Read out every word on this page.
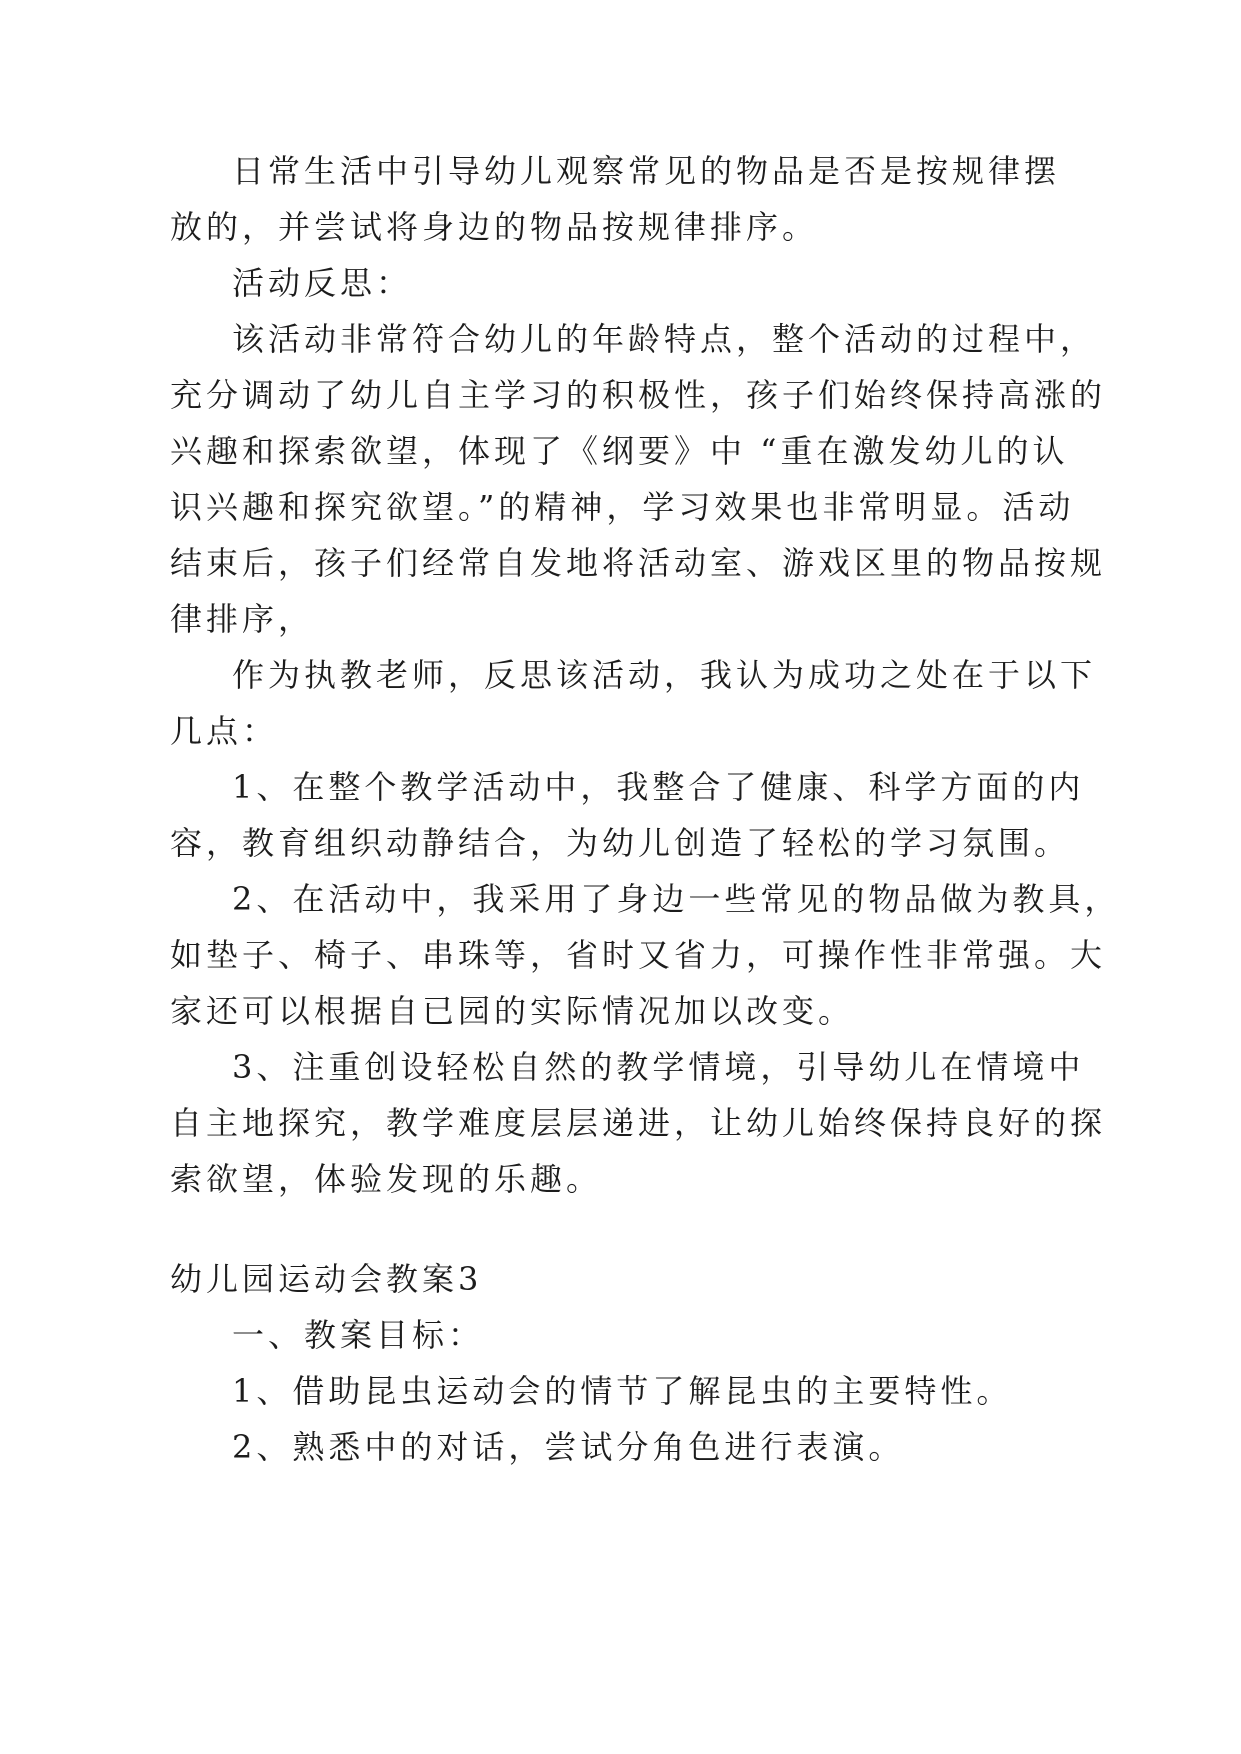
日常生活中引导幼儿观察常见的物品是否是按规律摆
放的，并尝试将身边的物品按规律排序。
活动反思：
该活动非常符合幼儿的年龄特点，整个活动的过程中，
充分调动了幼儿自主学习的积极性，孩子们始终保持高涨的
兴趣和探索欲望，体现了《纲要》中 “重在激发幼儿的认
识兴趣和探究欲望。”的精神，学习效果也非常明显。活动
结束后，孩子们经常自发地将活动室、游戏区里的物品按规
律排序，
作为执教老师，反思该活动，我认为成功之处在于以下
几点：
1、在整个教学活动中，我整合了健康、科学方面的内
容，教育组织动静结合，为幼儿创造了轻松的学习氛围。
2、在活动中，我采用了身边一些常见的物品做为教具，
如垫子、椅子、串珠等，省时又省力，可操作性非常强。大
家还可以根据自已园的实际情况加以改变。
3、注重创设轻松自然的教学情境，引导幼儿在情境中
自主地探究，教学难度层层递进，让幼儿始终保持良好的探
索欲望，体验发现的乐趣。
幼儿园运动会教案3
一、教案目标：
1、借助昆虫运动会的情节了解昆虫的主要特性。
2、熟悉中的对话，尝试分角色进行表演。
